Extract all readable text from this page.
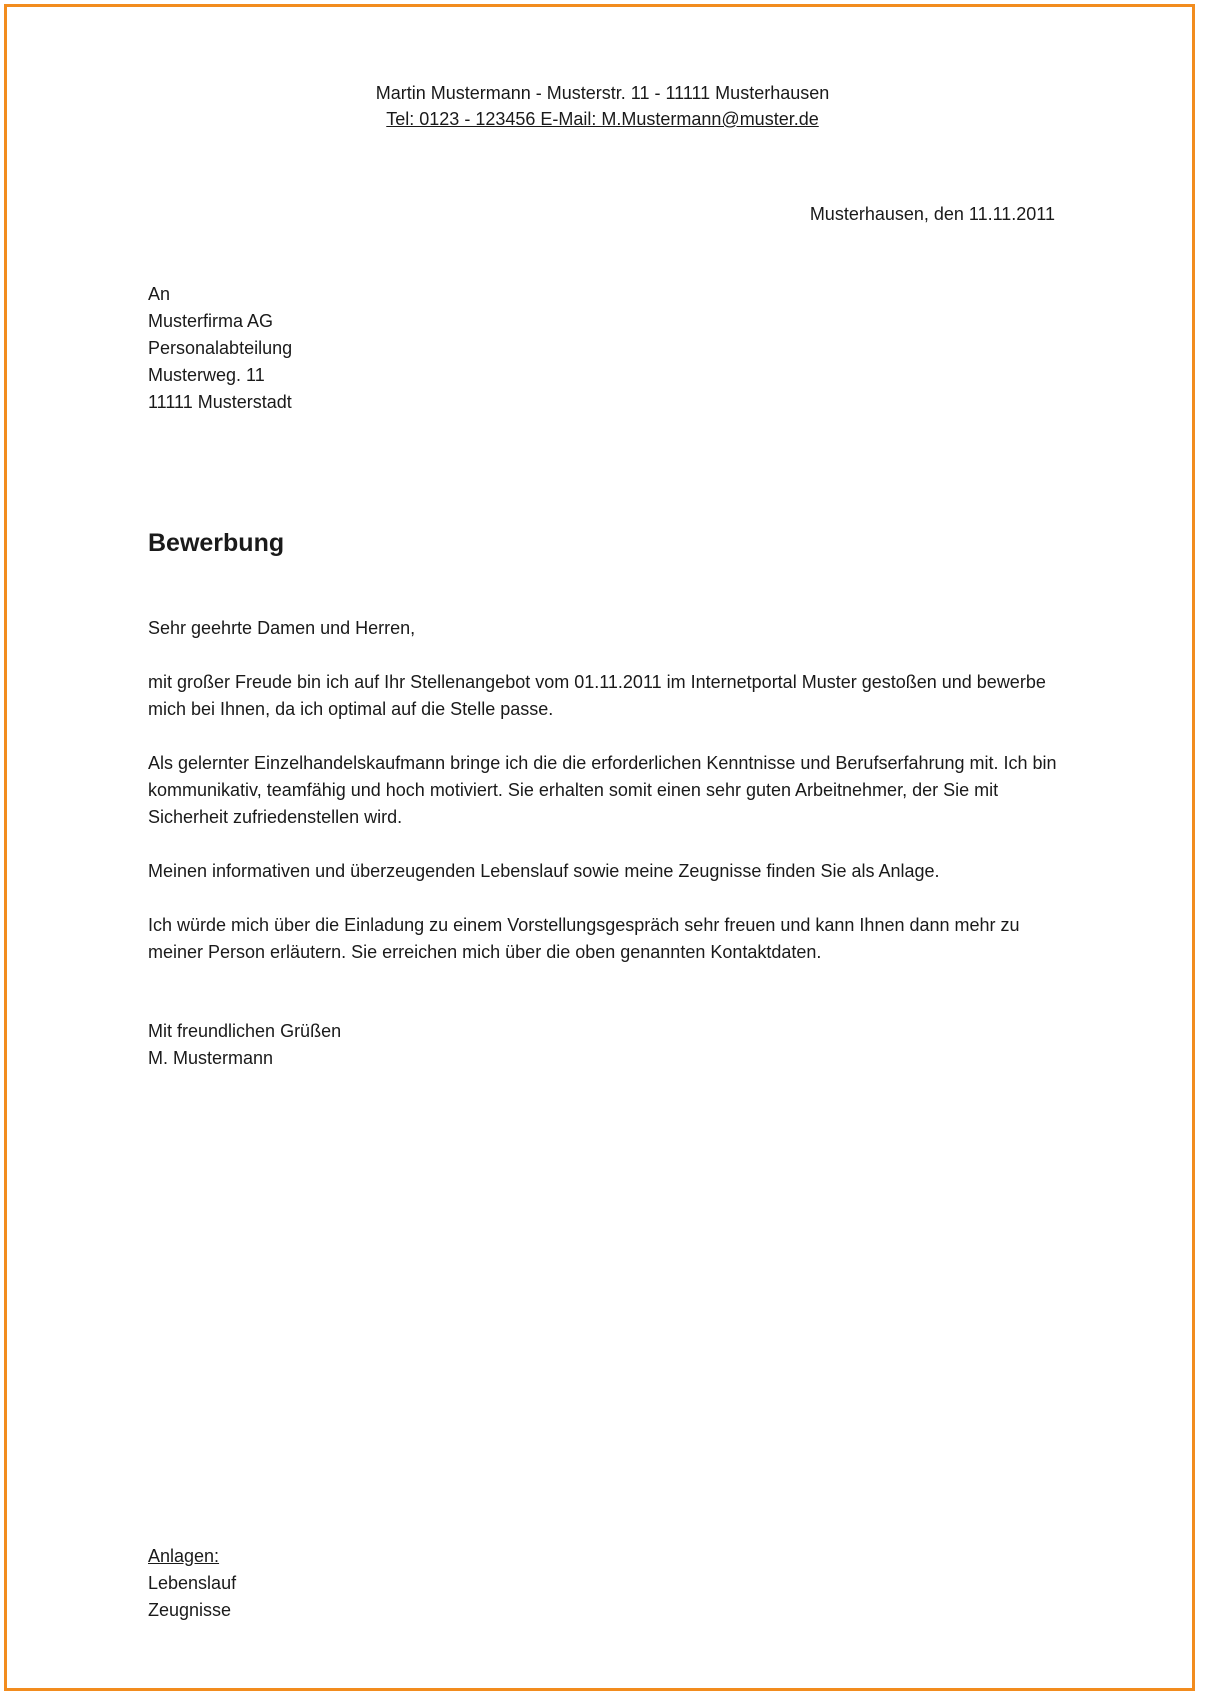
Martin Mustermann - Musterstr. 11 - 11111 Musterhausen
Tel: 0123 - 123456 E-Mail: M.Mustermann@muster.de
Musterhausen, den 11.11.2011
An
Musterfirma AG
Personalabteilung
Musterweg. 11
11111 Musterstadt
Bewerbung

Sehr geehrte Damen und Herren,

mit großer Freude bin ich auf Ihr Stellenangebot vom 01.11.2011 im Internetportal Muster gestoßen und bewerbe mich bei Ihnen, da ich optimal auf die Stelle passe.

Als gelernter Einzelhandelskaufmann bringe ich die die erforderlichen Kenntnisse und Berufserfahrung mit. Ich bin kommunikativ, teamfähig und hoch motiviert. Sie erhalten somit einen sehr guten Arbeitnehmer, der Sie mit Sicherheit zufriedenstellen wird.

Meinen informativen und überzeugenden Lebenslauf sowie meine Zeugnisse finden Sie als Anlage.

Ich würde mich über die Einladung zu einem Vorstellungsgespräch sehr freuen und kann Ihnen dann mehr zu meiner Person erläutern. Sie erreichen mich über die oben genannten Kontaktdaten.

Mit freundlichen Grüßen
M. Mustermann
Anlagen:
Lebenslauf
Zeugnisse
